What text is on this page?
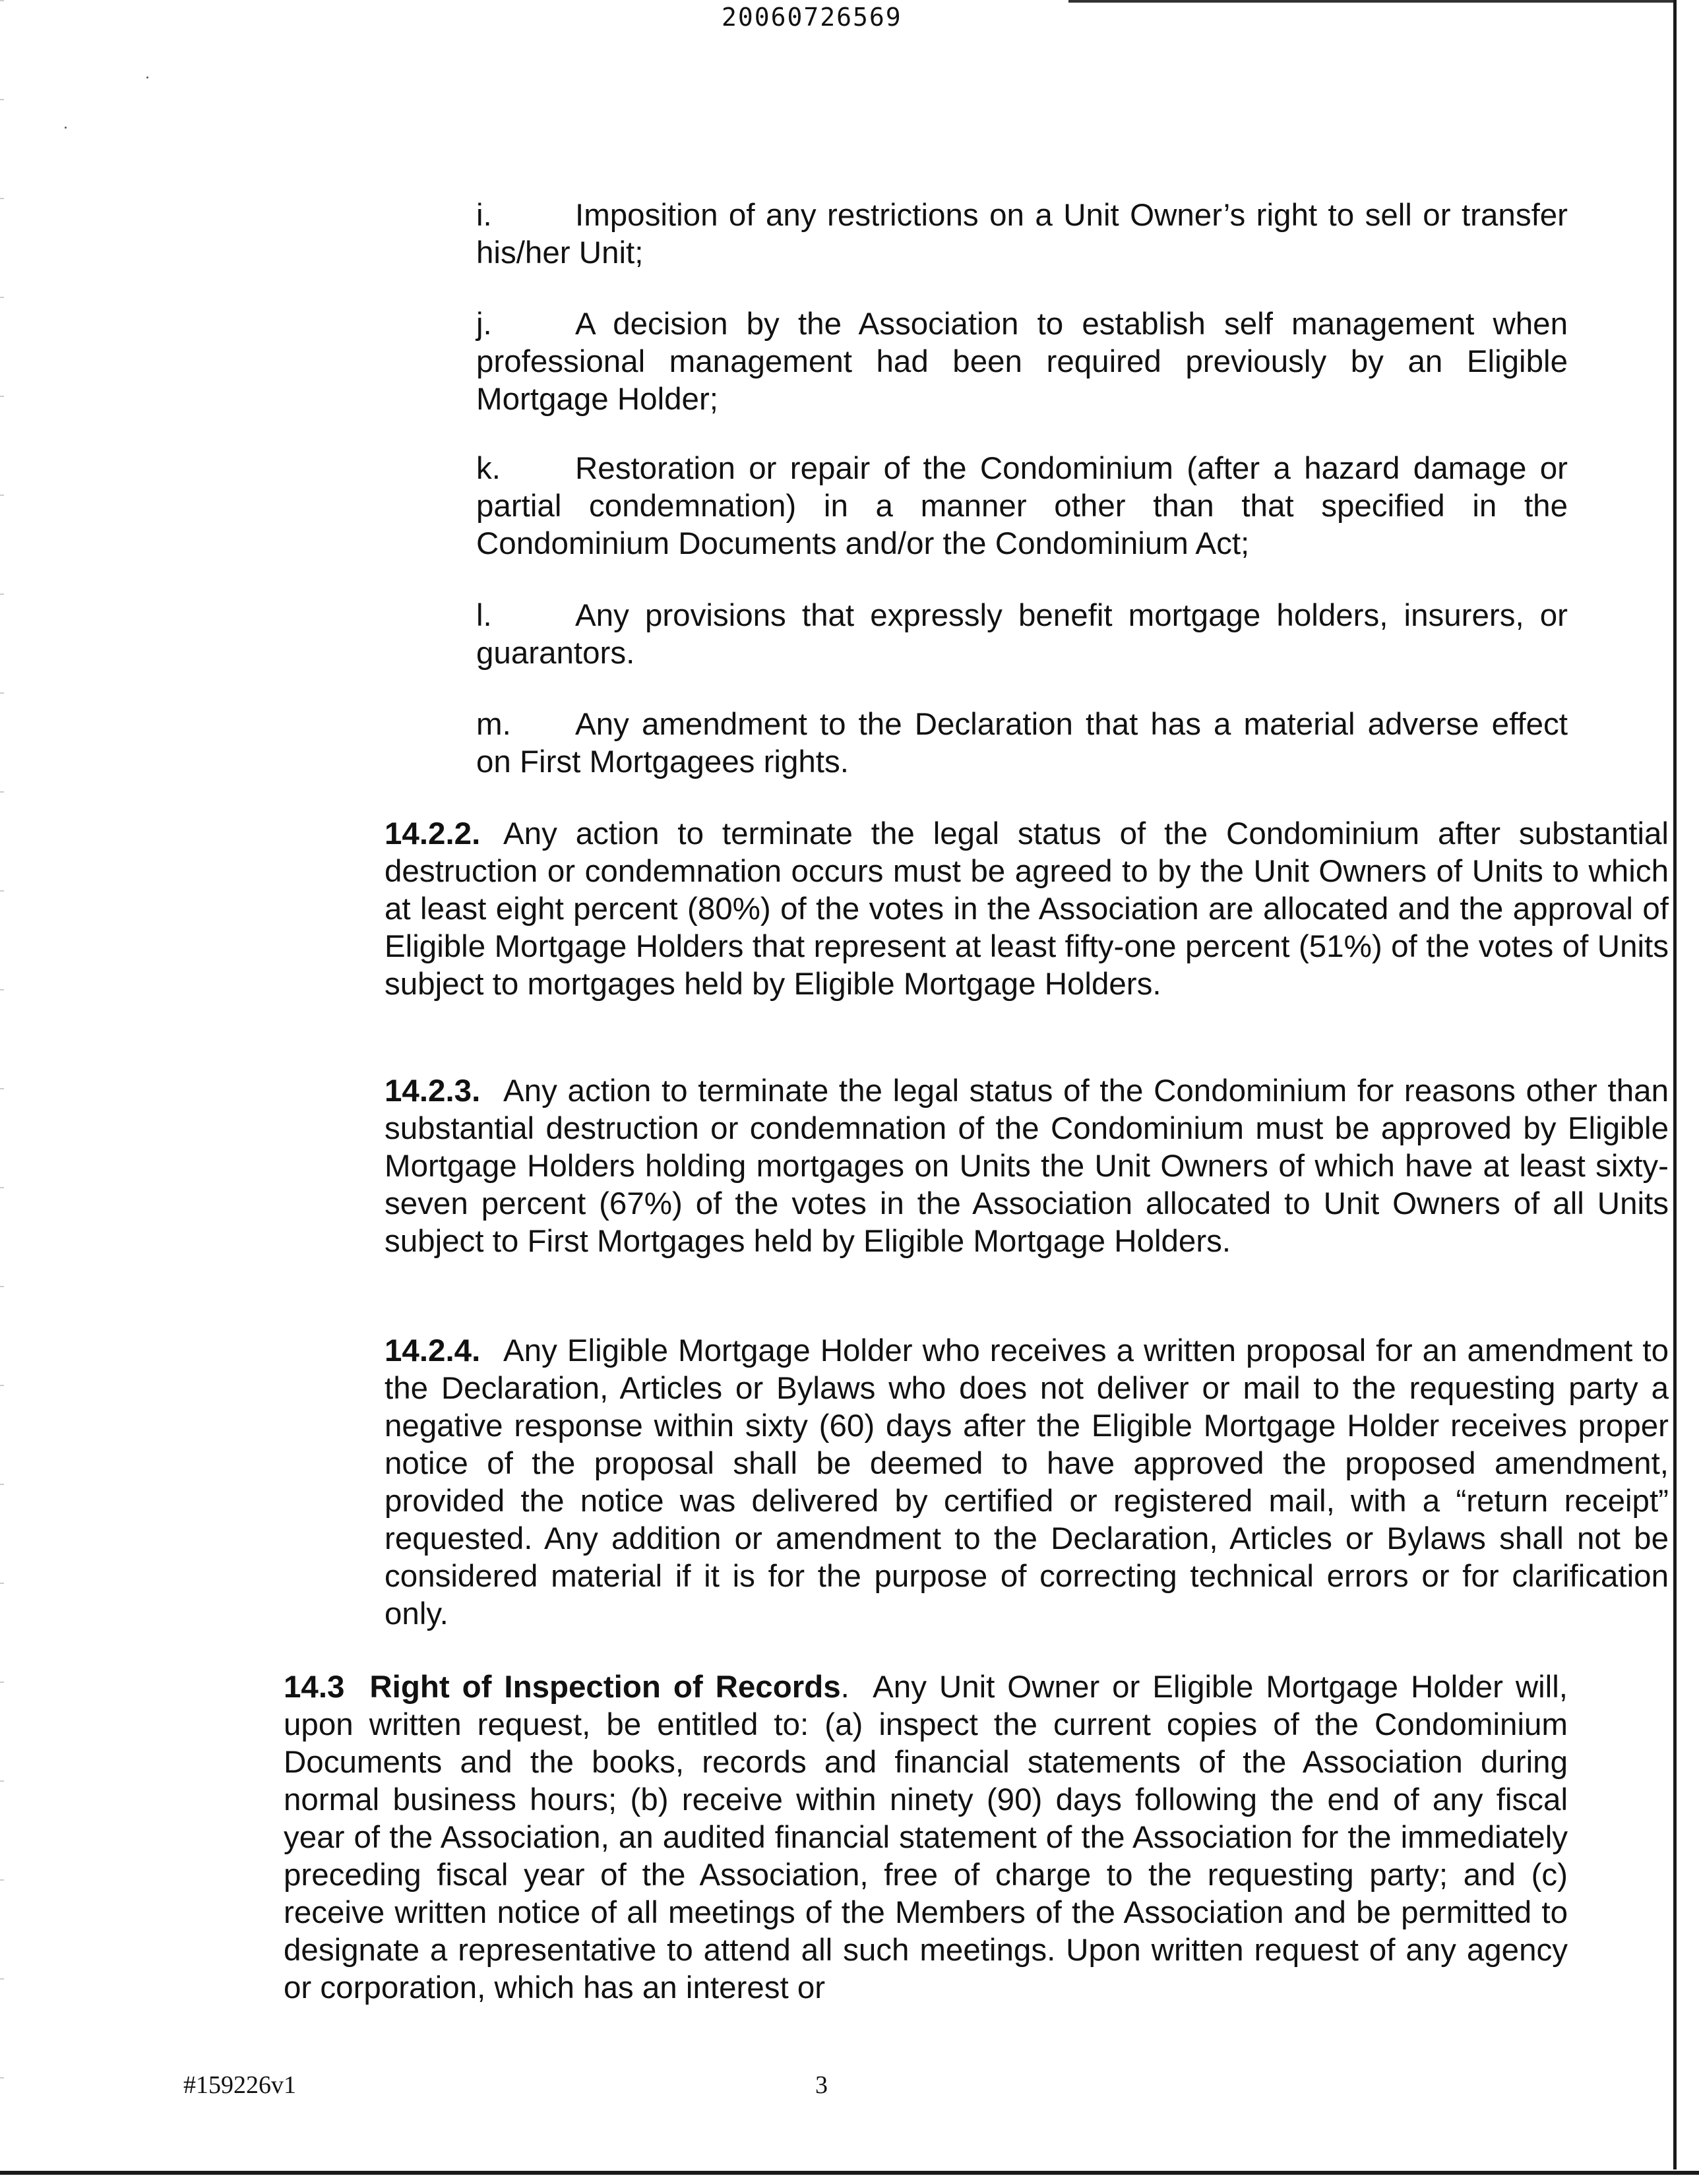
20060726569

i.	Imposition of any restrictions on a Unit Owner’s right to sell or transfer his/her Unit;

j.	A decision by the Association to establish self management when professional management had been required previously by an Eligible Mortgage Holder;

k. Restoration or repair of the Condominium (after a hazard damage or partial condemnation) in a manner other than that specified in the Condominium Documents and/or the Condominium Act;

l.	Any provisions that expressly benefit mortgage holders, insurers, or guarantors.

m. Any amendment to the Declaration that has a material adverse effect on First Mortgagees rights.

14.2.2. Any action to terminate the legal status of the Condominium after substantial destruction or condemnation occurs must be agreed to by the Unit Owners of Units to which at least eight percent (80%) of the votes in the Association are allocated and the approval of Eligible Mortgage Holders that represent at least fifty-one percent (51%) of the votes of Units subject to mortgages held by Eligible Mortgage Holders.

14.2.3. Any action to terminate the legal status of the Condominium for reasons other than substantial destruction or condemnation of the Condominium must be approved by Eligible Mortgage Holders holding mortgages on Units the Unit Owners of which have at least sixty-seven percent (67%) of the votes in the Association allocated to Unit Owners of all Units subject to First Mortgages held by Eligible Mortgage Holders.

14.2.4. Any Eligible Mortgage Holder who receives a written proposal for an amendment to the Declaration, Articles or Bylaws who does not deliver or mail to the requesting party a negative response within sixty (60) days after the Eligible Mortgage Holder receives proper notice of the proposal shall be deemed to have approved the proposed amendment, provided the notice was delivered by certified or registered mail, with a “return receipt” requested. Any addition or amendment to the Declaration, Articles or Bylaws shall not be considered material if it is for the purpose of correcting technical errors or for clarification only.

14.3 Right of Inspection of Records. Any Unit Owner or Eligible Mortgage Holder will, upon written request, be entitled to: (a) inspect the current copies of the Condominium Documents and the books, records and financial statements of the Association during normal business hours; (b) receive within ninety (90) days following the end of any fiscal year of the Association, an audited financial statement of the Association for the immediately preceding fiscal year of the Association, free of charge to the requesting party; and (c) receive written notice of all meetings of the Members of the Association and be permitted to designate a representative to attend all such meetings. Upon written request of any agency or corporation, which has an interest or

#159226v1	3
